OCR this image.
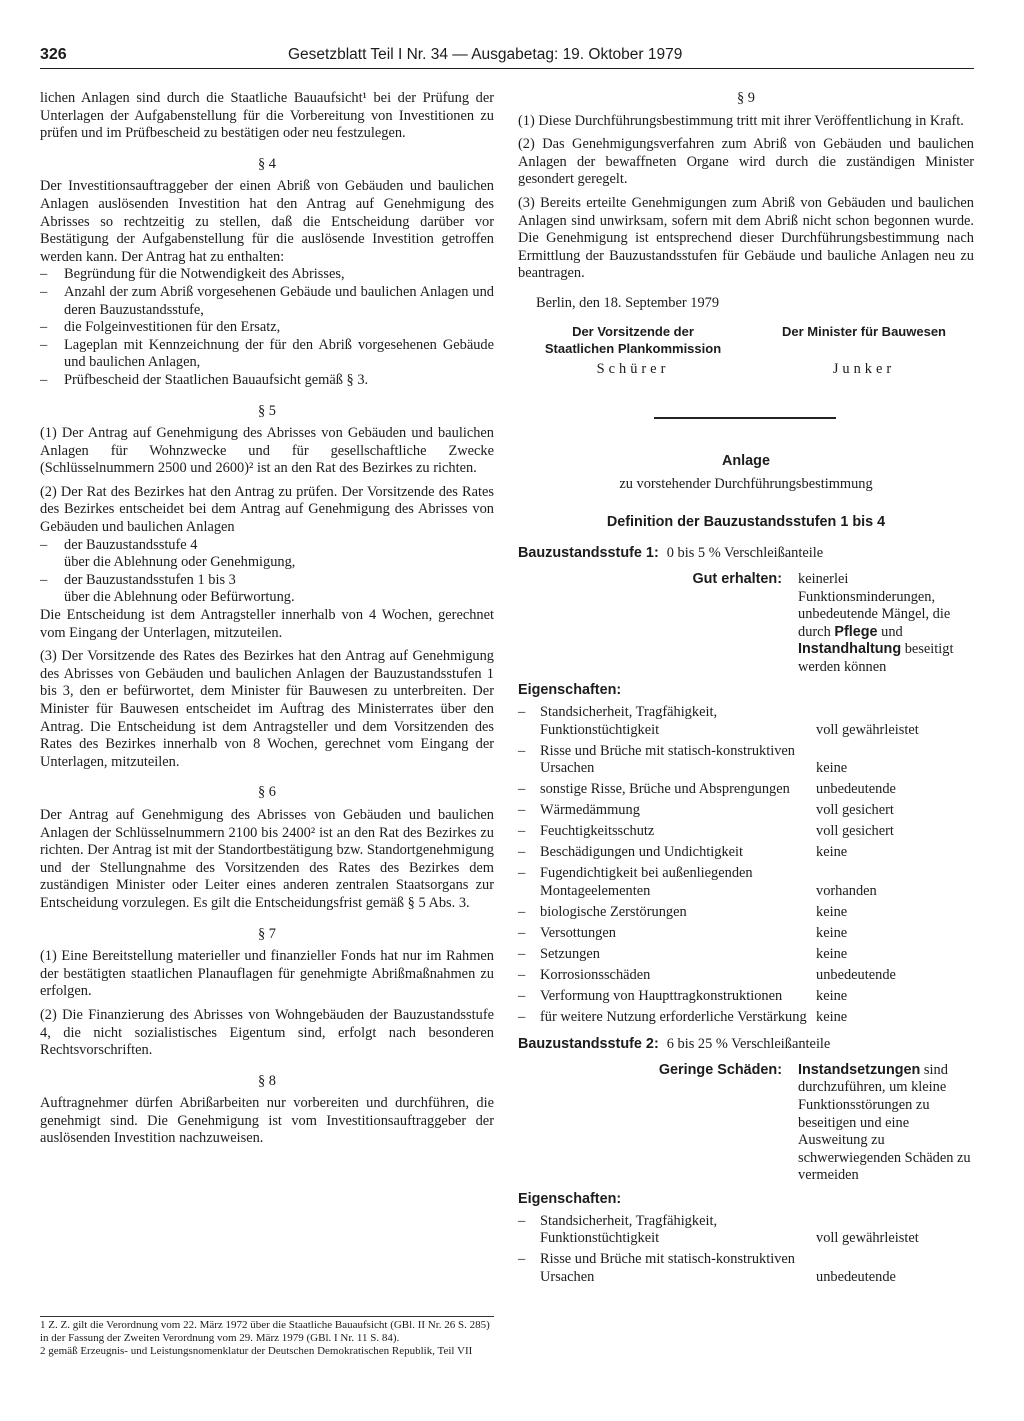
326	Gesetzblatt Teil I Nr. 34 — Ausgabetag: 19. Oktober 1979

lichen Anlagen sind durch die Staatliche Bauaufsicht¹ bei der Prüfung der Unterlagen der Aufgabenstellung für die Vorbereitung von Investitionen zu prüfen und im Prüfbescheid zu bestätigen oder neu festzulegen.

§ 4

Der Investitionsauftraggeber der einen Abriß von Gebäuden und baulichen Anlagen auslösenden Investition hat den Antrag auf Genehmigung des Abrisses so rechtzeitig zu stellen, daß die Entscheidung darüber vor Bestätigung der Aufgabenstellung für die auslösende Investition getroffen werden kann. Der Antrag hat zu enthalten:

– Begründung für die Notwendigkeit des Abrisses,
– Anzahl der zum Abriß vorgesehenen Gebäude und baulichen Anlagen und deren Bauzustandsstufe,
– die Folgeinvestitionen für den Ersatz,
– Lageplan mit Kennzeichnung der für den Abriß vorgesehenen Gebäude und baulichen Anlagen,
– Prüfbescheid der Staatlichen Bauaufsicht gemäß § 3.
§ 5

(1) Der Antrag auf Genehmigung des Abrisses von Gebäuden und baulichen Anlagen für Wohnzwecke und für gesellschaftliche Zwecke (Schlüsselnummern 2500 und 2600)² ist an den Rat des Bezirkes zu richten.

(2) Der Rat des Bezirkes hat den Antrag zu prüfen. Der Vorsitzende des Rates des Bezirkes entscheidet bei dem Antrag auf Genehmigung des Abrisses von Gebäuden und baulichen Anlagen

– der Bauzustandsstufe 4
über die Ablehnung oder Genehmigung,
– der Bauzustandsstufen 1 bis 3
über die Ablehnung oder Befürwortung.

Die Entscheidung ist dem Antragsteller innerhalb von 4 Wochen, gerechnet vom Eingang der Unterlagen, mitzuteilen.

(3) Der Vorsitzende des Rates des Bezirkes hat den Antrag auf Genehmigung des Abrisses von Gebäuden und baulichen Anlagen der Bauzustandsstufen 1 bis 3, den er befürwortet, dem Minister für Bauwesen zu unterbreiten. Der Minister für Bauwesen entscheidet im Auftrag des Ministerrates über den Antrag. Die Entscheidung ist dem Antragsteller und dem Vorsitzenden des Rates des Bezirkes innerhalb von 8 Wochen, gerechnet vom Eingang der Unterlagen, mitzuteilen.

§ 6

Der Antrag auf Genehmigung des Abrisses von Gebäuden und baulichen Anlagen der Schlüsselnummern 2100 bis 2400² ist an den Rat des Bezirkes zu richten. Der Antrag ist mit der Standortbestätigung bzw. Standortgenehmigung und der Stellungnahme des Vorsitzenden des Rates des Bezirkes dem zuständigen Minister oder Leiter eines anderen zentralen Staatsorgans zur Entscheidung vorzulegen. Es gilt die Entscheidungsfrist gemäß § 5 Abs. 3.

§ 7

(1) Eine Bereitstellung materieller und finanzieller Fonds hat nur im Rahmen der bestätigten staatlichen Planauflagen für genehmigte Abrißmaßnahmen zu erfolgen.

(2) Die Finanzierung des Abrisses von Wohngebäuden der Bauzustandsstufe 4, die nicht sozialistisches Eigentum sind, erfolgt nach besonderen Rechtsvorschriften.

§ 8

Auftragnehmer dürfen Abrißarbeiten nur vorbereiten und durchführen, die genehmigt sind. Die Genehmigung ist vom Investitionsauftraggeber der auslösenden Investition nachzuweisen.

1 Z. Z. gilt die Verordnung vom 22. März 1972 über die Staatliche Bauaufsicht (GBl. II Nr. 26 S. 285) in der Fassung der Zweiten Verordnung vom 29. März 1979 (GBl. I Nr. 11 S. 84).

2 gemäß Erzeugnis- und Leistungsnomenklatur der Deutschen Demokratischen Republik, Teil VII

§ 9

(1) Diese Durchführungsbestimmung tritt mit ihrer Veröffentlichung in Kraft.

(2) Das Genehmigungsverfahren zum Abriß von Gebäuden und baulichen Anlagen der bewaffneten Organe wird durch die zuständigen Minister gesondert geregelt.

(3) Bereits erteilte Genehmigungen zum Abriß von Gebäuden und baulichen Anlagen sind unwirksam, sofern mit dem Abriß nicht schon begonnen wurde. Die Genehmigung ist entsprechend dieser Durchführungsbestimmung nach Ermittlung der Bauzustandsstufen für Gebäude und bauliche Anlagen neu zu beantragen.

Berlin, den 18. September 1979

Der Vorsitzende der
Staatlichen Plankommission
Schürer
Der Minister für Bauwesen
Junker
Anlage
zu vorstehender Durchführungsbestimmung
Definition der Bauzustandsstufen 1 bis 4
Bauzustandsstufe 1: 0 bis 5 % Verschleißanteile
Gut erhalten:	keinerlei Funktionsminderungen, unbedeutende Mängel, die durch Pflege und Instandhaltung beseitigt werden können
Eigenschaften:
–	Standsicherheit, Tragfähigkeit, Funktionstüchtigkeit	voll gewährleistet
–	Risse und Brüche mit statisch-konstruktiven Ursachen	keine
–	sonstige Risse, Brüche und Absprengungen	unbedeutende
–	Wärmedämmung	voll gesichert
–	Feuchtigkeitsschutz	voll gesichert
–	Beschädigungen und Undichtigkeit	keine
–	Fugendichtigkeit bei außenliegenden Montageelementen	vorhanden
–	biologische Zerstörungen	keine
–	Versottungen	keine
–	Setzungen	keine
–	Korrosionsschäden	unbedeutende
–	Verformung von Haupttragkonstruktionen	keine
–	für weitere Nutzung erforderliche Verstärkung keine
Bauzustandsstufe 2: 6 bis 25 % Verschleißanteile
Geringe Schäden:	Instandsetzungen sind durchzuführen, um kleine Funktionsstörungen zu beseitigen und eine Ausweitung zu schwerwiegenden Schäden zu vermeiden
Eigenschaften:
–	Standsicherheit, Tragfähigkeit, Funktionstüchtigkeit	voll gewährleistet
–	Risse und Brüche mit statisch-konstruktiven Ursachen	unbedeutende
